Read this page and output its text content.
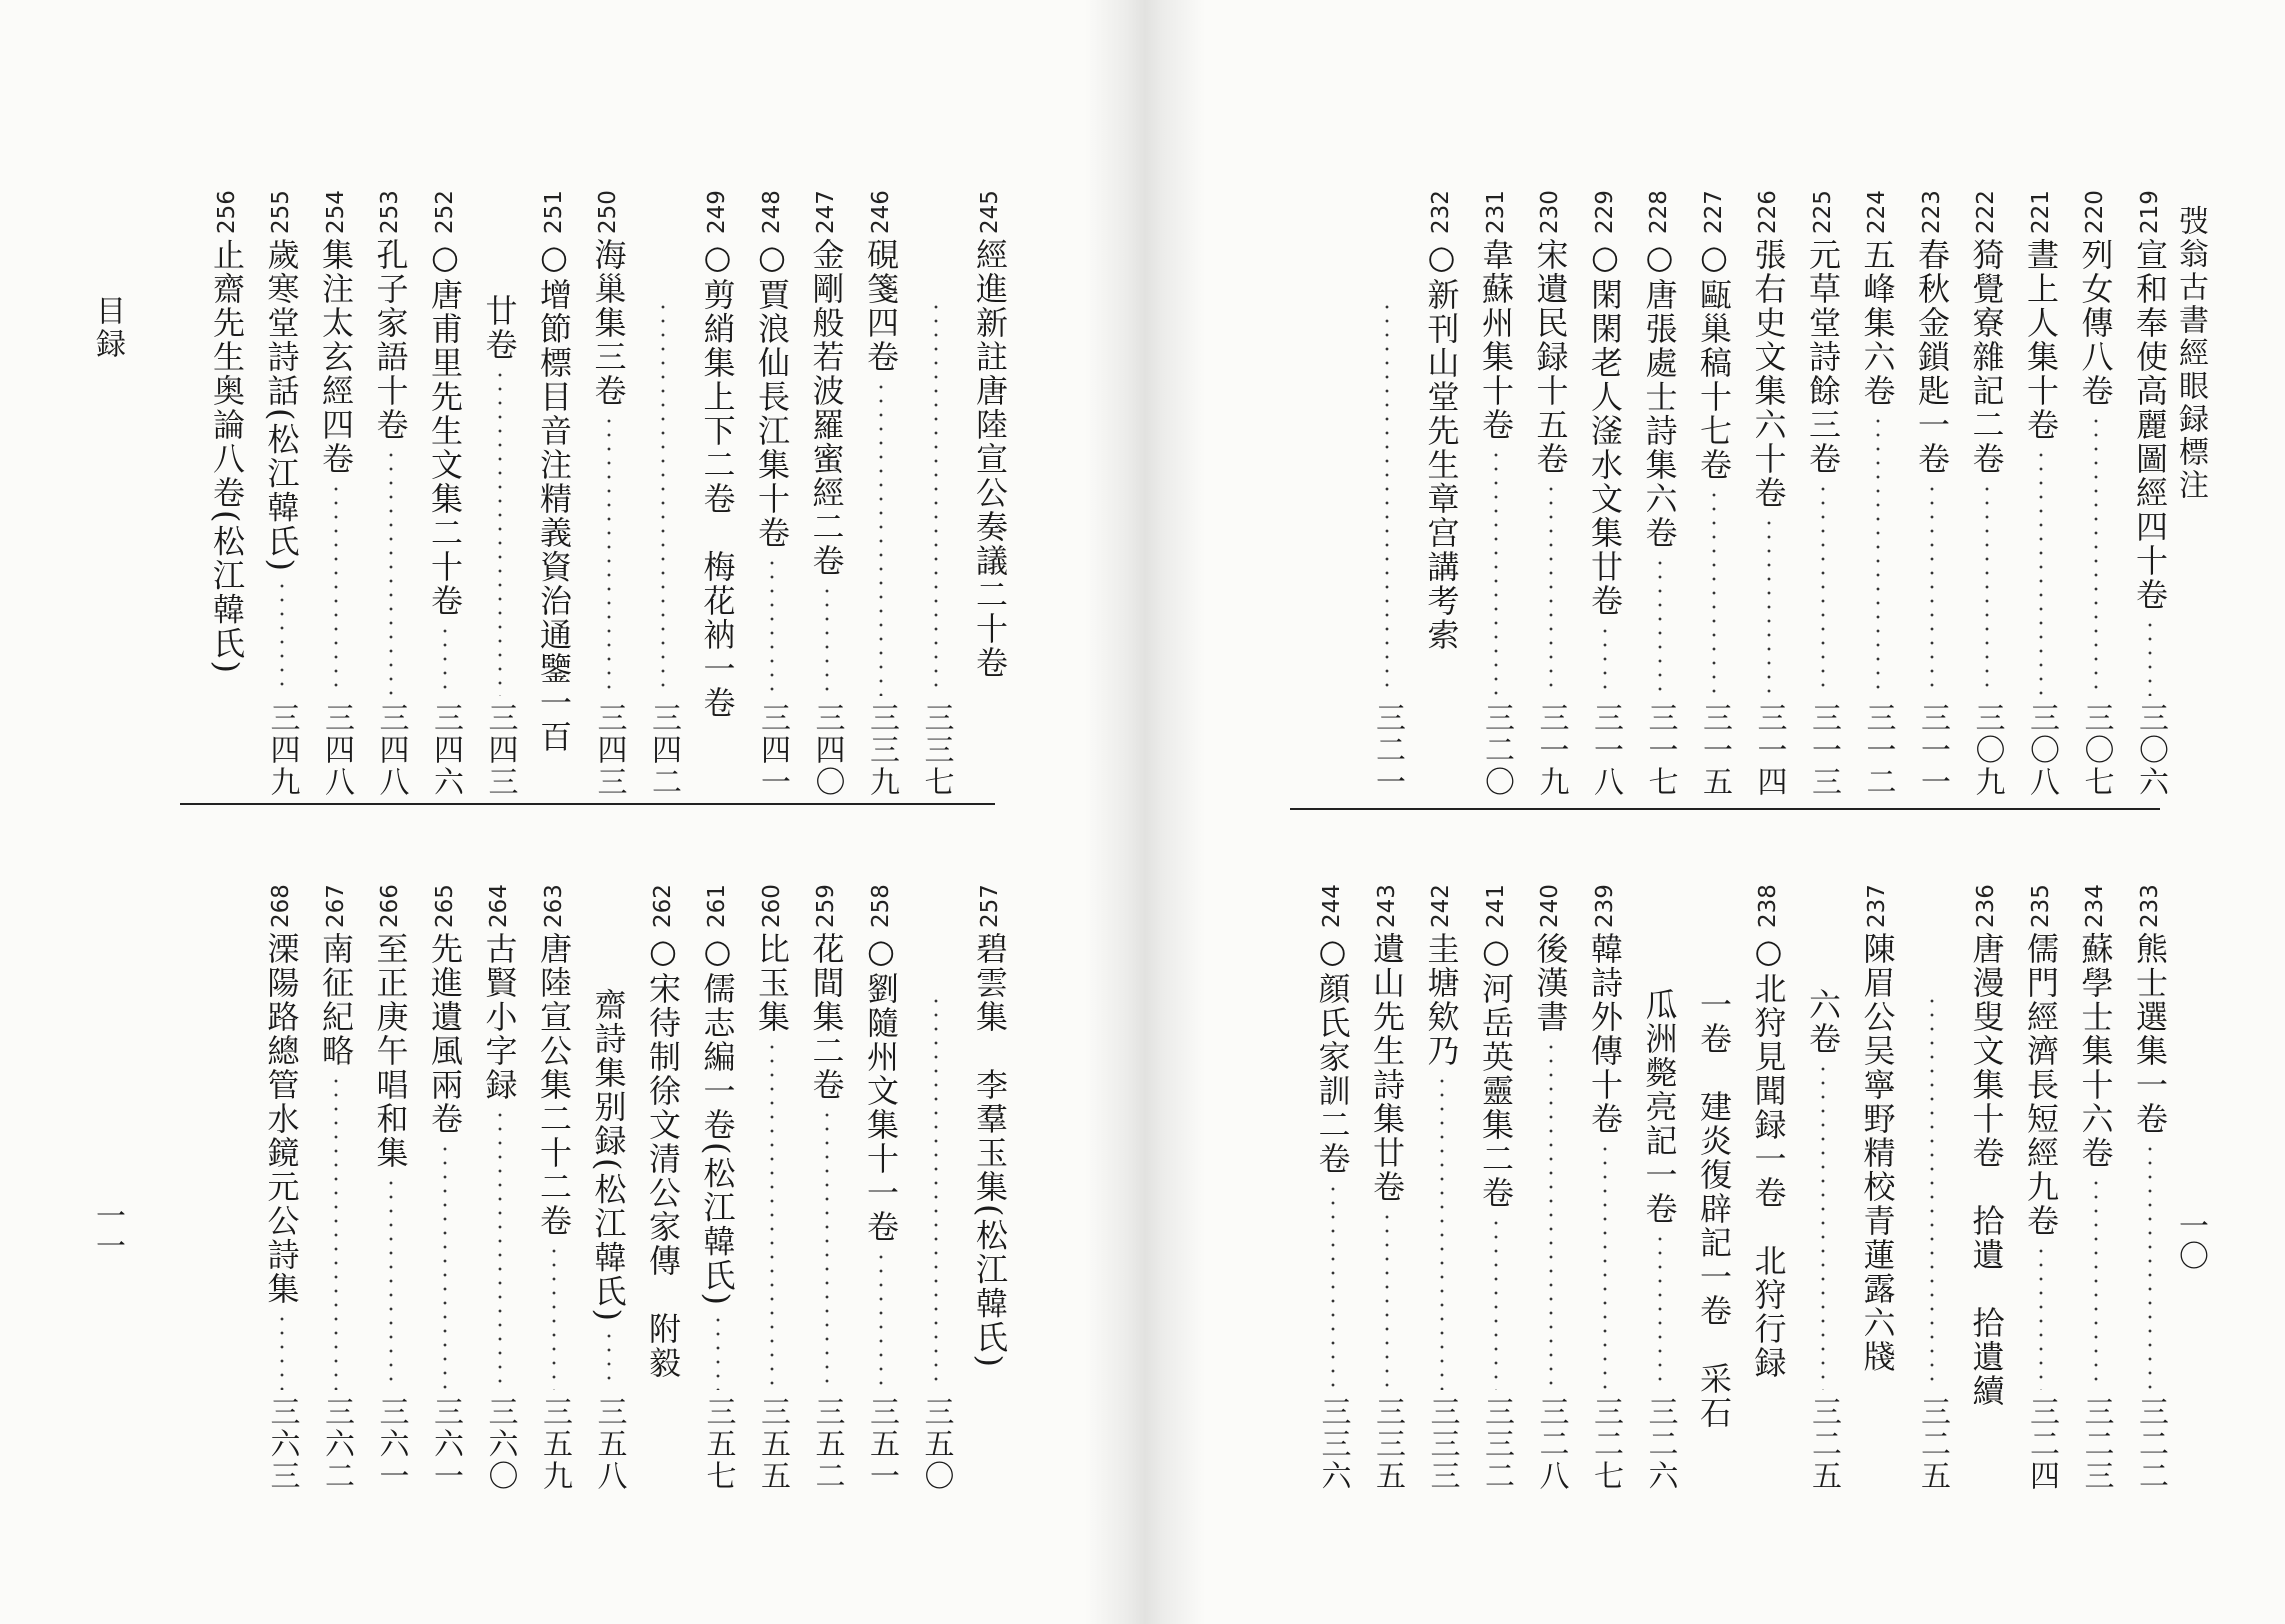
弢翁古書經眼録標注
一〇
目録
一一
219
宣和奉使高麗圖經四十卷
三〇六
220
列女傳八卷
三〇七
221
晝上人集十卷
三〇八
222
猗覺寮雜記二卷
三〇九
223
春秋金鎖匙一卷
三一一
224
五峰集六卷
三一二
225
元草堂詩餘三卷
三一三
226
張右史文集六十卷
三一四
227
○甌巢稿十七卷
三一五
228
○唐張處士詩集六卷
三一七
229
○閑閑老人滏水文集廿卷
三一八
230
宋遺民録十五卷
三一九
231
韋蘇州集十卷
三二〇
232
○新刊山堂先生章宫講考索
三二一
233
熊士選集一卷
三二二
234
蘇學士集十六卷
三二三
235
儒門經濟長短經九卷
三二四
236
唐漫叟文集十卷　拾遺　拾遺續
三二五
237
陳眉公吴寧野精校青蓮露六牋
六卷
三二五
238
○北狩見聞録一卷　北狩行録
一卷　建炎復辟記一卷　采石
瓜洲斃亮記一卷
三二六
239
韓詩外傳十卷
三二七
240
後漢書
三二八
241
○河岳英靈集二卷
三三二
242
圭塘欸乃
三三三
243
遺山先生詩集廿卷
三三五
244
○顔氏家訓二卷
三三六
245
經進新註唐陸宣公奏議二十卷
三三七
246
硯箋四卷
三三九
247
金剛般若波羅蜜經二卷
三四〇
248
○賈浪仙長江集十卷
三四一
249
○剪綃集上下二卷　梅花衲一卷
三四二
250
海巢集三卷
三四三
251
○增節標目音注精義資治通鑒一百
廿卷
三四三
252
○唐甫里先生文集二十卷
三四六
253
孔子家語十卷
三四八
254
集注太玄經四卷
三四八
255
歲寒堂詩話(松江韓氏)
三四九
256
止齋先生奥論八卷(松江韓氏)
257
碧雲集　李羣玉集(松江韓氏)
三五〇
258
○劉隨州文集十一卷
三五一
259
花間集二卷
三五二
260
比玉集
三五五
261
○儒志編一卷(松江韓氏)
三五七
262
○宋待制徐文清公家傳　附毅
齋詩集别録(松江韓氏)
三五八
263
唐陸宣公集二十二卷
三五九
264
古賢小字録
三六〇
265
先進遺風兩卷
三六一
266
至正庚午唱和集
三六一
267
南征紀略
三六二
268
溧陽路總管水鏡元公詩集
三六三
